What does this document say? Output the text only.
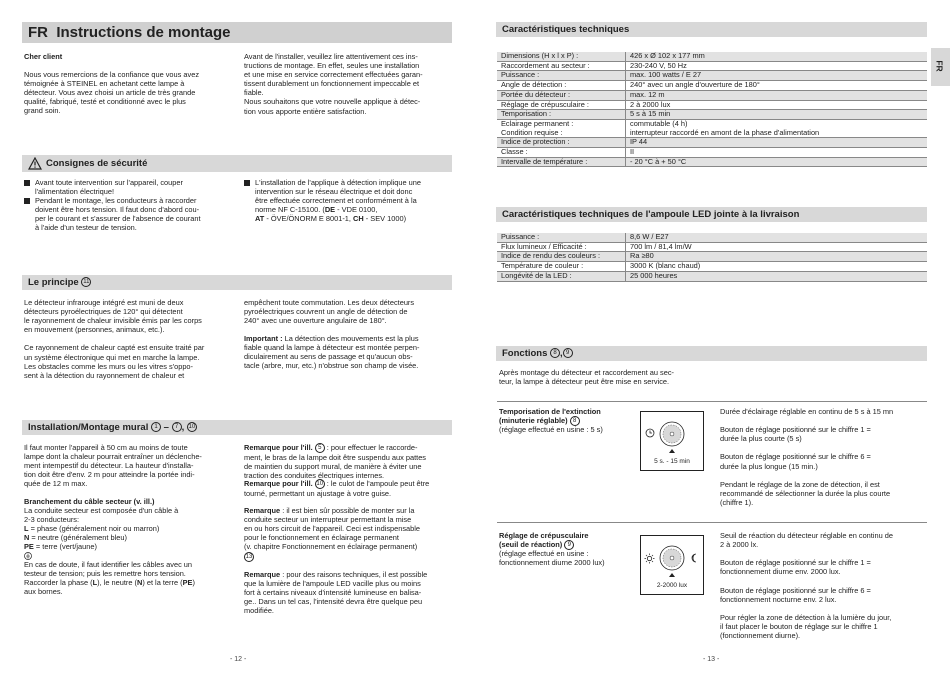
FR Instructions de montage
Cher client
Nous vous remercions de la confiance que vous avez
témoignée à STEINEL en achetant cette lampe à
détecteur. Vous avez choisi un article de très grande
qualité, fabriqué, testé et conditionné avec le plus
grand soin.
Avant de l'installer, veuillez lire attentivement ces ins-
tructions de montage. En effet, seules une installation
et une mise en service correctement effectuées garan-
tissent durablement un fonctionnement impeccable et
fiable.
Nous souhaitons que votre nouvelle applique à détec-
tion vous apporte entière satisfaction.
Consignes de sécurité
Avant toute intervention sur l'appareil, couper
l'alimentation électrique!
Pendant le montage, les conducteurs à raccorder
doivent être hors tension. Il faut donc d'abord cou-
per le courant et s'assurer de l'absence de courant
à l'aide d'un testeur de tension.
L'installation de l'applique à détection implique une
intervention sur le réseau électrique et doit donc
être effectuée correctement et conformément à la
norme NF C-15100. (DE - VDE 0100,
AT - ÖVE/ÖNORM E 8001-1, CH - SEV 1000)
Le principe 11
Le détecteur infrarouge intégré est muni de deux
détecteurs pyroélectriques de 120° qui détectent
le rayonnement de chaleur invisible émis par les corps
en mouvement (personnes, animaux, etc.).

Ce rayonnement de chaleur capté est ensuite traité par
un système électronique qui met en marche la lampe.
Les obstacles comme les murs ou les vitres s'oppo-
sent à la détection du rayonnement de chaleur et
empêchent toute commutation. Les deux détecteurs
pyroélectriques couvrent un angle de détection de
240° avec une ouverture angulaire de 180°.
Important : La détection des mouvements est la plus
fiable quand la lampe à détecteur est montée perpen-
diculairement au sens de passage et qu'aucun obs-
tacle (arbre, mur, etc.) n'obstrue son champ de visée.
Installation/Montage mural 1 – 7 , 10
Il faut monter l'appareil à 50 cm au moins de toute
lampe dont la chaleur pourrait entraîner un déclenche-
ment intempestif du détecteur. La hauteur d'installa-
tion doit être d'env. 2 m pour atteindre la portée indi-
quée de 12 m max.
Branchement du câble secteur (v. ill.)
La conduite secteur est composée d'un câble à
2-3 conducteurs:
L = phase (généralement noir ou marron)
N = neutre (généralement bleu)
PE = terre (vert/jaune)

En cas de doute, il faut identifier les câbles avec un
testeur de tension; puis les remettre hors tension.
Raccorder la phase (L), le neutre (N) et la terre (PE)
aux bornes.
Remarque pour l'ill. 5 : pour effectuer le raccorde-
ment, le bras de la lampe doit être suspendu aux pattes
de maintien du support mural, de manière à éviter une
traction des conduites électriques internes.
Remarque pour l'ill. 10 : le culot de l'ampoule peut être
tourné, permettant un ajustage à votre guise.
Remarque : il est bien sûr possible de monter sur la
conduite secteur un interrupteur permettant la mise
en ou hors circuit de l'appareil. Ceci est indispensable
pour le fonctionnement en éclairage permanent
(v. chapitre Fonctionnement en éclairage permanent)
13
Remarque : pour des raisons techniques, il est possible
que la lumière de l'ampoule LED vacille plus ou moins
fort à certains niveaux d'intensité lumineuse en balisa-
ge.. Dans un tel cas, l'intensité devra être quelque peu
modifiée.
- 12 -
FR
Caractéristiques techniques
Dimensions (H x l x P) :	426 x Ø 102 x 177 mm
Raccordement au secteur :	230-240 V, 50 Hz
Puissance :	max. 100 watts / E 27
Angle de détection :	240° avec un angle d'ouverture de 180°
Portée du détecteur :	max. 12 m
Réglage de crépusculaire :	2 à 2000 lux
Temporisation :	5 s à 15 min
Eclairage permanent :
Condition requise :	commutable (4 h)
interrupteur raccordé en amont de la phase d'alimentation
Indice de protection :	IP 44
Classe :	II
Intervalle de température :	- 20 °C à + 50 °C
Caractéristiques techniques de l'ampoule LED jointe à la livraison
Puissance :	8,6 W / E27
Flux lumineux / Efficacité :	700 lm / 81,4 lm/W
Indice de rendu des couleurs :	Ra ≥80
Température de couleur :	3000 K (blanc chaud)
Longévité de la LED :	25 000 heures
Fonctions 8 , 9
Après montage du détecteur et raccordement au sec-
teur, la lampe à détecteur peut être mise en service.
Temporisation de l'extinction
(minuterie réglable) 8
(réglage effectué en usine : 5 s)
5 s. - 15 min
Durée d'éclairage réglable en continu de 5 s à 15 mn

Bouton de réglage positionné sur le chiffre 1 =
durée la plus courte (5 s)

Bouton de réglage positionné sur le chiffre 6 =
durée la plus longue (15 min.)

Pendant le réglage de la zone de détection, il est
recommandé de sélectionner la durée la plus courte
(chiffre 1).
Réglage de crépusculaire
(seuil de réaction) 9
(réglage effectué en usine :
fonctionnement diurne 2000 lux)
2-2000 lux
Seuil de réaction du détecteur réglable en continu de
2 à 2000 lx.

Bouton de réglage positionné sur le chiffre 1 =
fonctionnement diurne env. 2000 lux.

Bouton de réglage positionné sur le chiffre 6 =
fonctionnement nocturne env. 2 lux.

Pour régler la zone de détection à la lumière du jour,
il faut placer le bouton de réglage sur le chiffre 1
(fonctionnement diurne).
- 13 -
